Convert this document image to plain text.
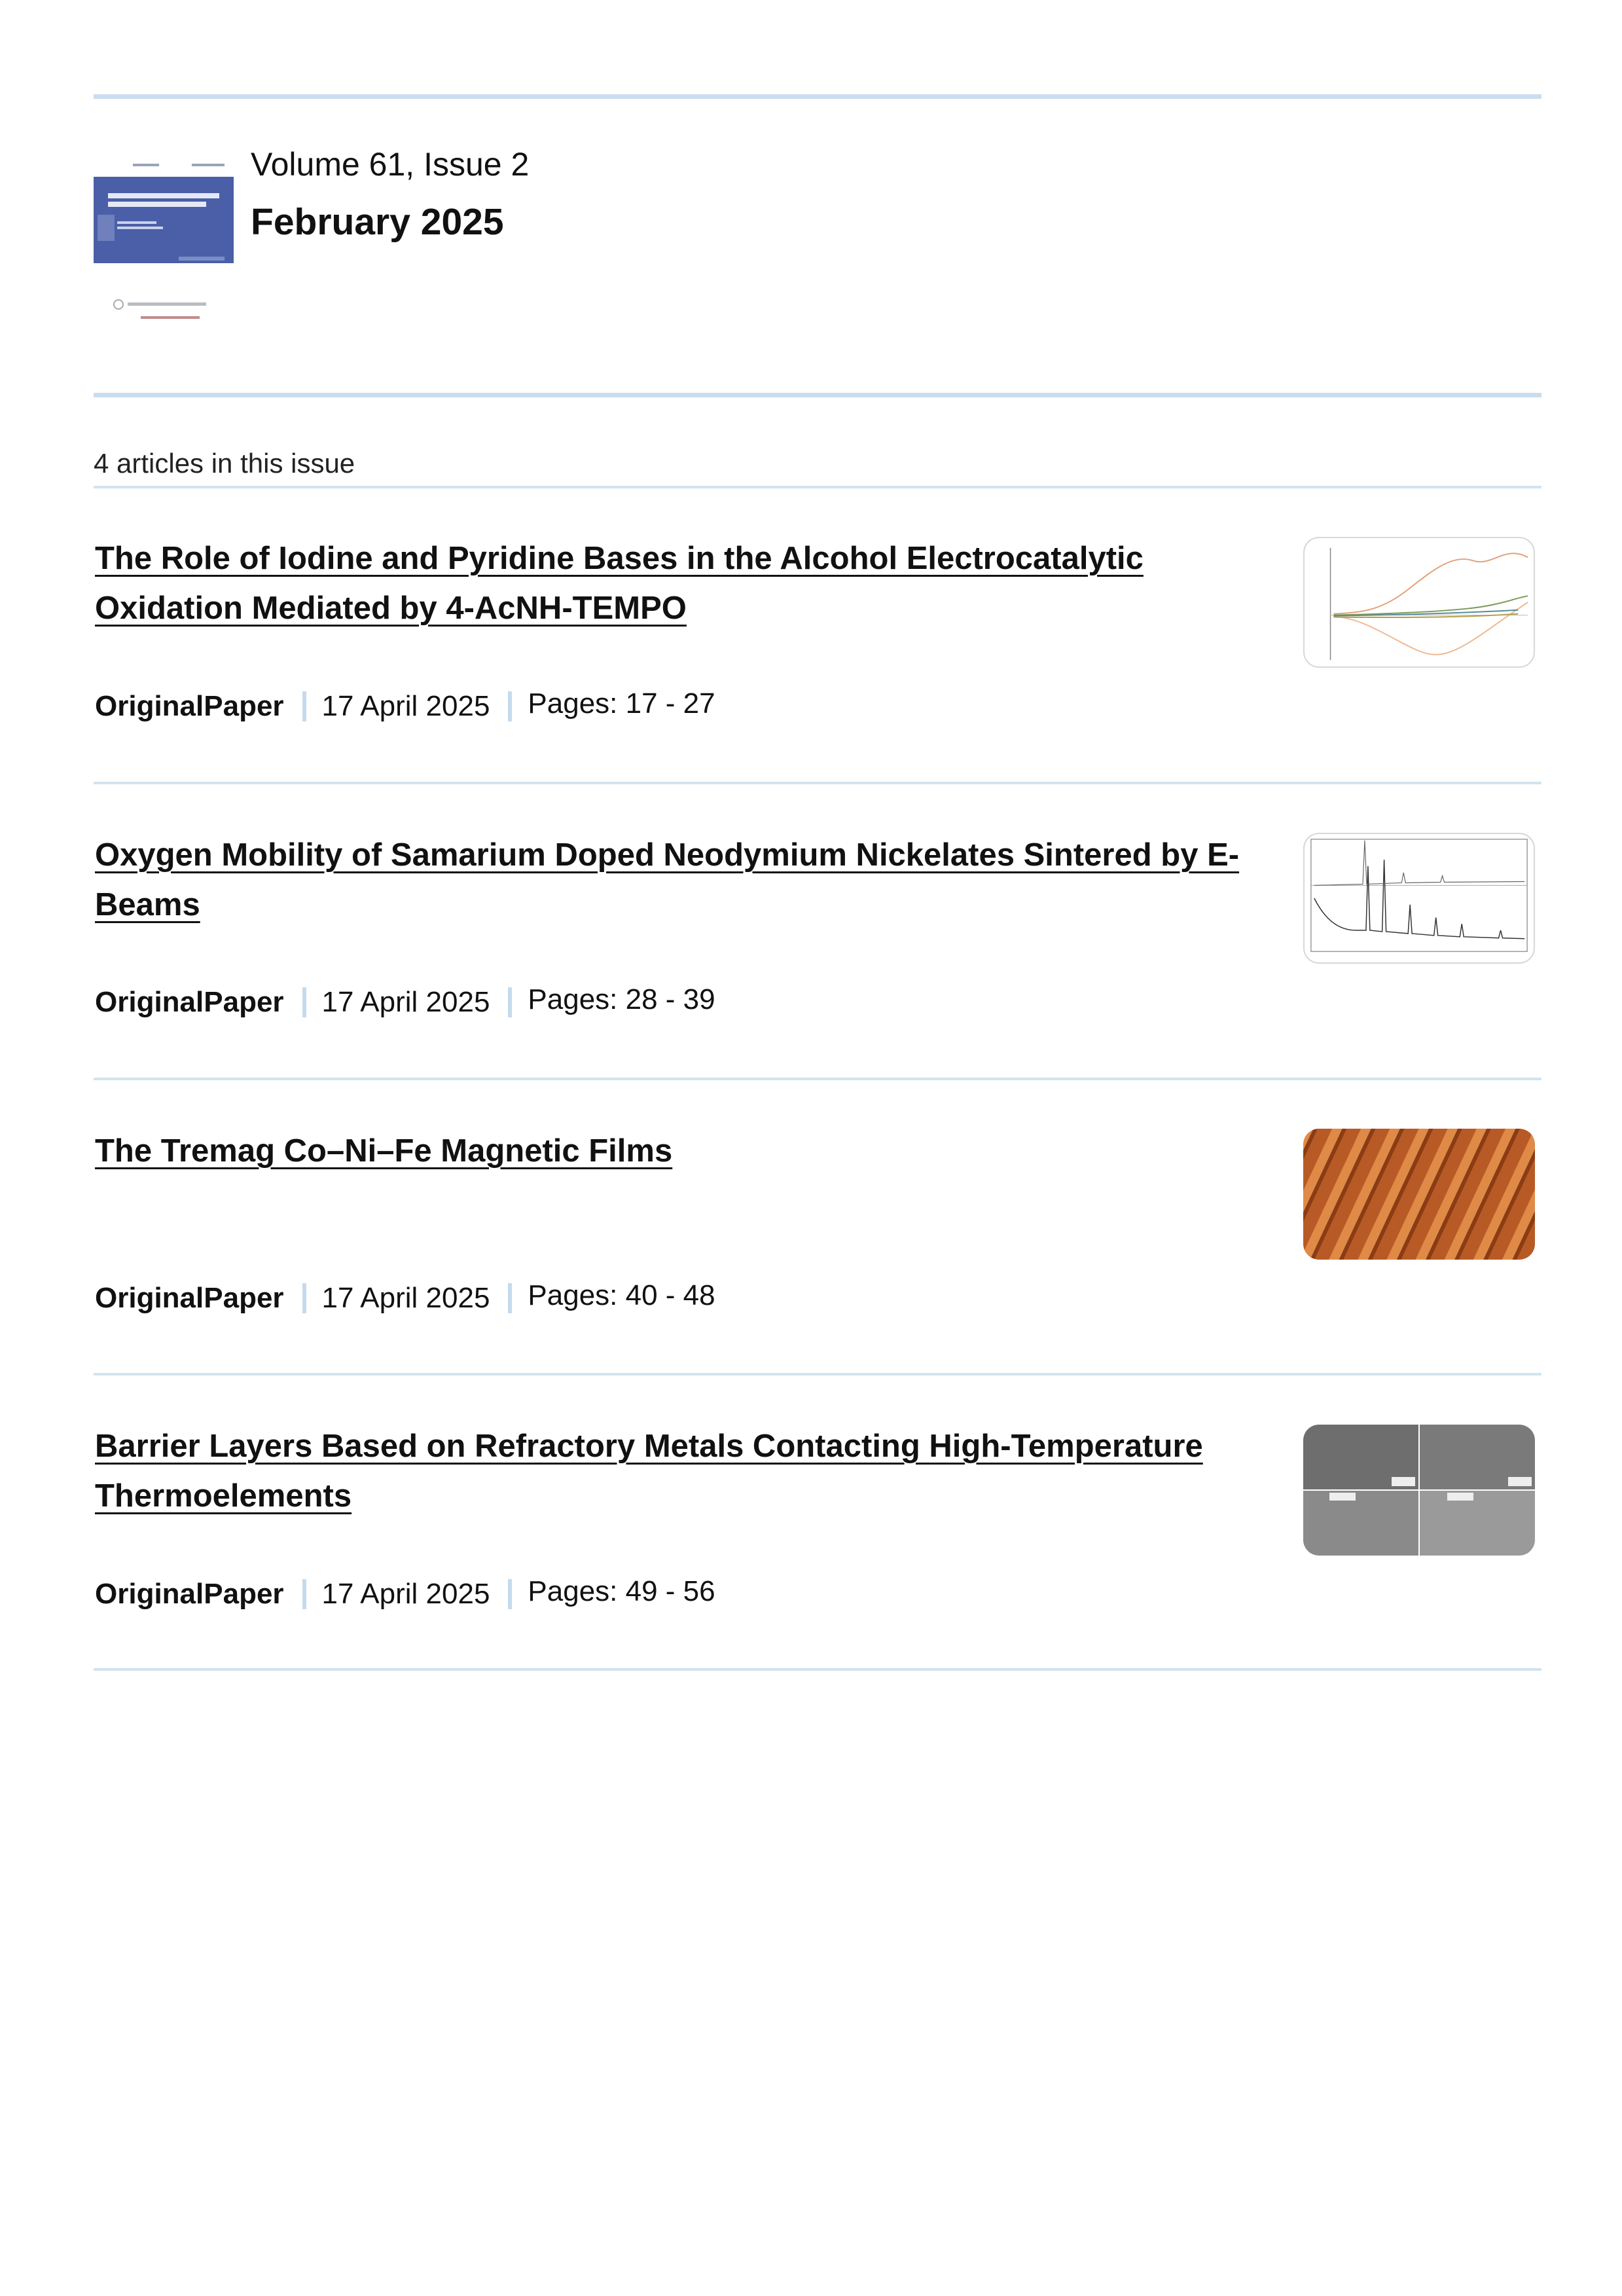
Volume 61, Issue 2
February 2025
4 articles in this issue
The Role of Iodine and Pyridine Bases in the Alcohol Electrocatalytic Oxidation Mediated by 4-AcNH-TEMPO
OriginalPaper 17 April 2025 Pages: 17 - 27
Oxygen Mobility of Samarium Doped Neodymium Nickelates Sintered by E-Beams
OriginalPaper 17 April 2025 Pages: 28 - 39
The Tremag Co–Ni–Fe Magnetic Films
OriginalPaper 17 April 2025 Pages: 40 - 48
Barrier Layers Based on Refractory Metals Contacting High-Temperature Thermoelements
OriginalPaper 17 April 2025 Pages: 49 - 56
